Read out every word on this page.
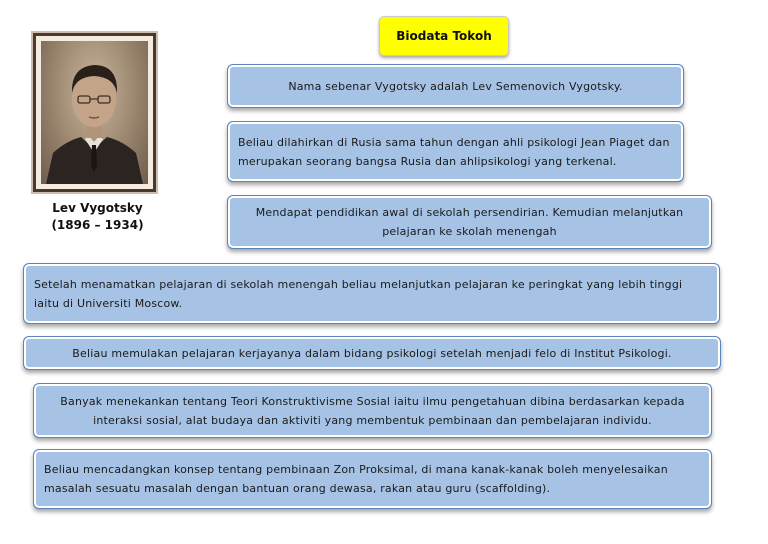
Biodata Tokoh
Lev Vygotsky
(1896 – 1934)
Nama sebenar Vygotsky adalah Lev Semenovich Vygotsky.
Beliau dilahirkan di Rusia sama tahun dengan ahli psikologi Jean Piaget dan merupakan seorang bangsa Rusia dan ahlipsikologi yang terkenal.
Mendapat pendidikan awal di sekolah persendirian. Kemudian melanjutkan pelajaran ke skolah menengah
Setelah menamatkan pelajaran di sekolah menengah beliau melanjutkan pelajaran ke peringkat yang lebih tinggi iaitu di Universiti Moscow.
Beliau memulakan pelajaran kerjayanya dalam bidang psikologi setelah menjadi felo di Institut Psikologi.
Banyak menekankan tentang Teori Konstruktivisme Sosial iaitu ilmu pengetahuan dibina berdasarkan kepada interaksi sosial, alat budaya dan aktiviti yang membentuk pembinaan dan pembelajaran individu.
Beliau mencadangkan konsep tentang pembinaan Zon Proksimal, di mana kanak-kanak boleh menyelesaikan masalah sesuatu masalah dengan bantuan orang dewasa, rakan atau guru (scaffolding).
